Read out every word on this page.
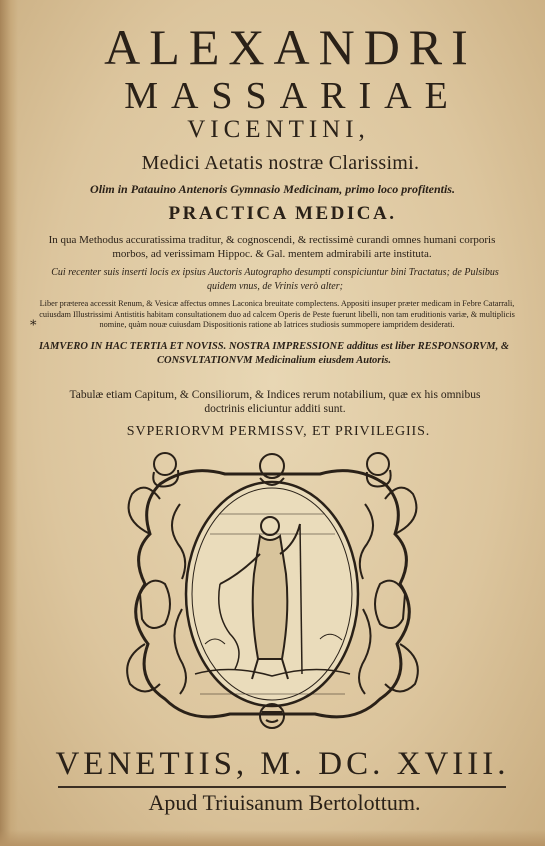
ALEXANDRI
MASSARIAE
VICENTINI,
Medici Aetatis nostræ Clarissimi.
Olim in Patauino Antenoris Gymnasio Medicinam, primo loco profitentis.
PRACTICA MEDICA.
In qua Methodus accuratissima traditur, & cognoscendi, & rectissimè curandi omnes humani corporis morbos, ad verissimam Hippoc. & Gal. mentem admirabili arte instituta.
Cui recenter suis inserti locis ex ipsius Auctoris Autographo desumpti conspiciuntur bini Tractatus; de Pulsibus quidem vnus, de Vrinis verò alter;
⁎
Liber præterea accessit Renum, & Vesicæ affectus omnes Laconica breuitate complectens. Appositi insuper præter medicam in Febre Catarrali, cuiusdam Illustrissimi Antistitis habitam consultationem duo ad calcem Operis de Peste fuerunt libelli, non tam eruditionis variæ, & multiplicis nomine, quàm nouæ cuiusdam Dispositionis ratione ab Iatrices studiosis summopere iampridem desiderati.
IAMVERO IN HAC TERTIA ET NOVISS. NOSTRA IMPRESSIONE additus est liber RESPONSORVM, & CONSVLTATIONVM Medicinalium eiusdem Autoris.
Tabulæ etiam Capitum, & Consiliorum, & Indices rerum notabilium, quæ ex his omnibus doctrinis eliciuntur additi sunt.
SVPERIORVM PERMISSV, ET PRIVILEGIIS.
VENETIIS, M. DC. XVIII.
Apud Triuisanum Bertolottum.
